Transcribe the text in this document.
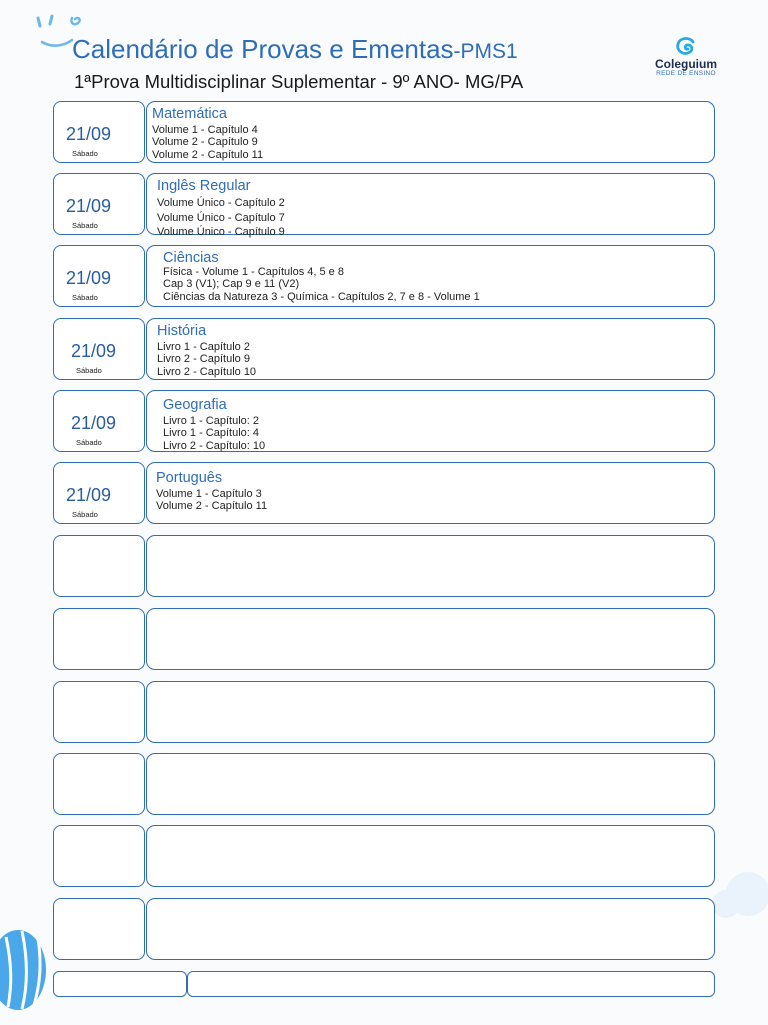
Calendário de Provas e Ementas-PMS1
1ªProva Multidisciplinar Suplementar - 9º ANO- MG/PA
Coleguium
REDE DE ENSINO
21/09
Sábado
Matemática
Volume 1 - Capítulo 4
Volume 2 - Capítulo 9
Volume 2 - Capítulo 11
21/09
Sábado
Inglês Regular
Volume Único - Capítulo 2
Volume Único - Capítulo 7
Volume Único - Capítulo 9
21/09
Sábado
Ciências
Física - Volume 1 - Capítulos 4, 5 e 8
Cap 3 (V1); Cap 9 e 11 (V2)
Ciências da Natureza 3 - Química - Capítulos 2, 7 e 8 - Volume 1
21/09
Sábado
História
Livro 1 - Capítulo 2
Livro 2 - Capítulo 9
Livro 2 - Capítulo 10
21/09
Sábado
Geografia
Livro 1 - Capítulo: 2
Livro 1 - Capítulo: 4
Livro 2 - Capítulo: 10
21/09
Sábado
Português
Volume 1 - Capítulo 3
Volume 2 - Capítulo 11
